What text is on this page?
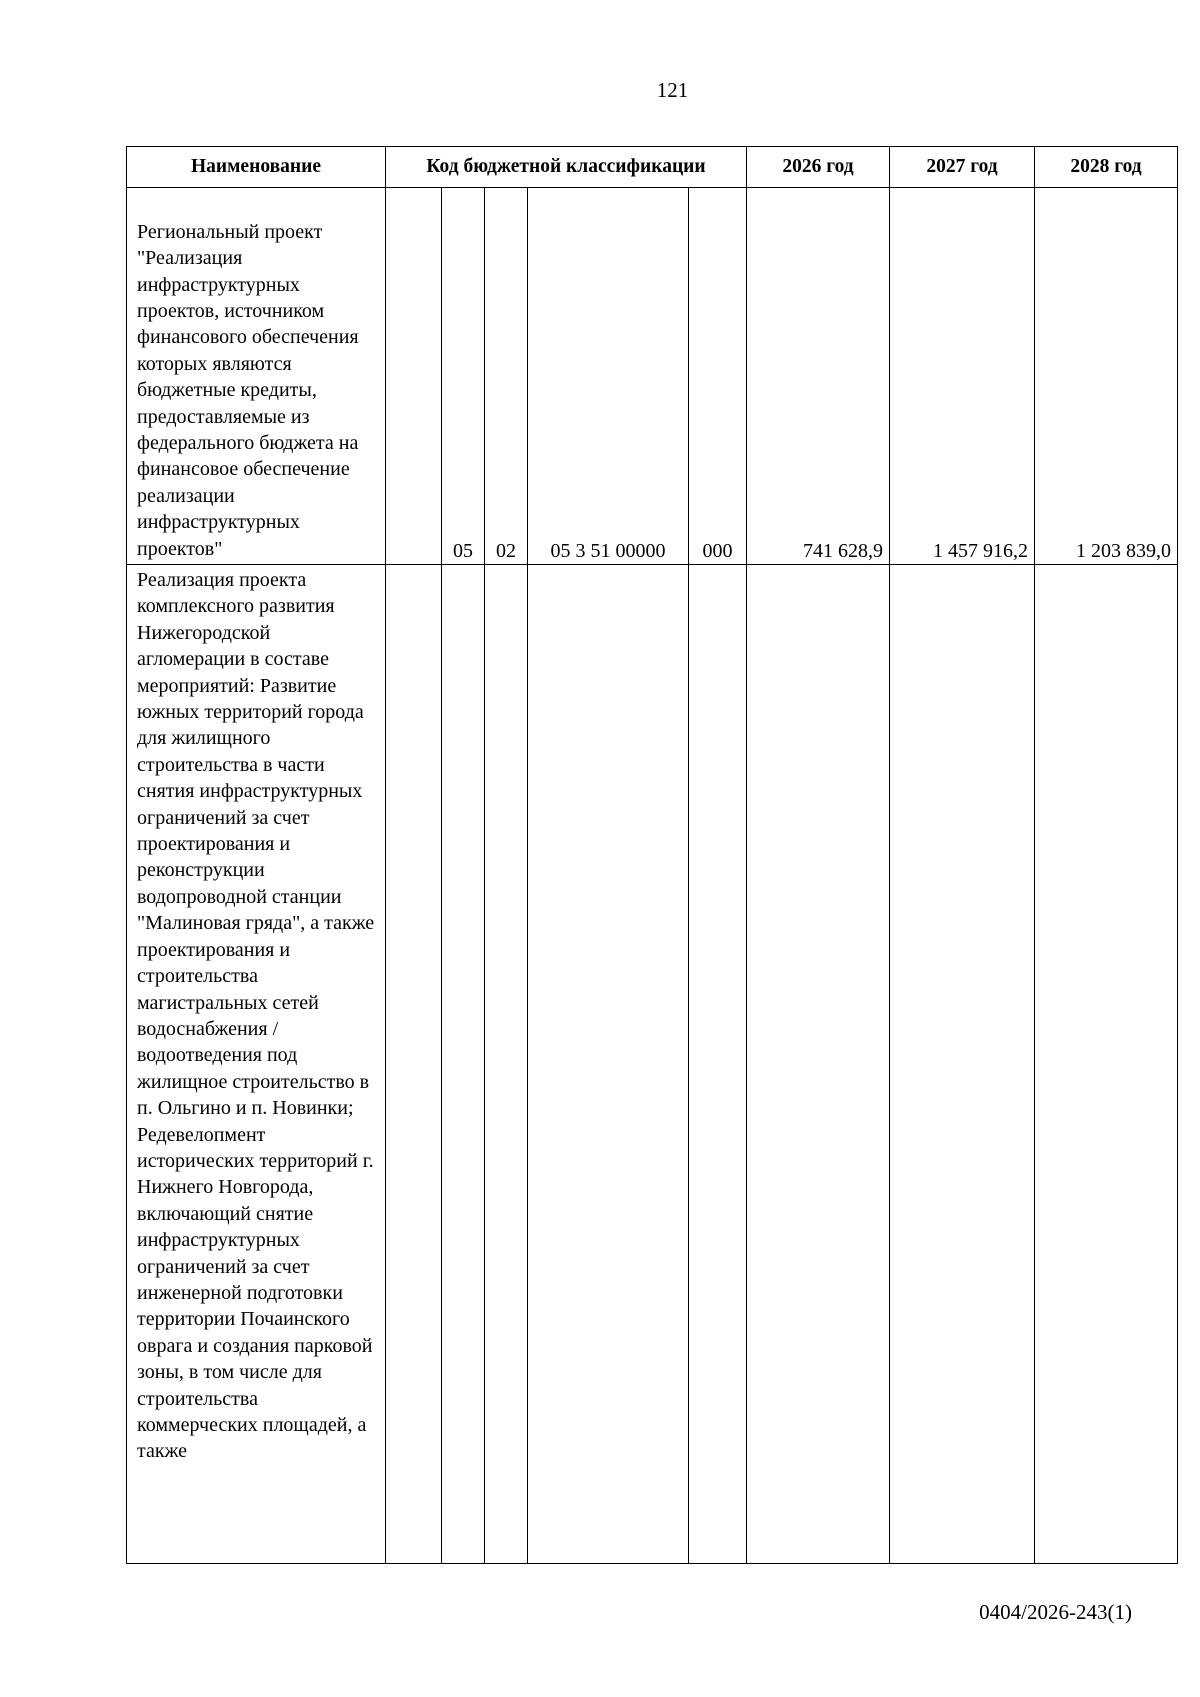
121
Наименование	Код бюджетной классификации					2026 год	2027 год	2028 год

Региональный проект "Реализация инфраструктурных проектов, источником финансового обеспечения которых являются бюджетные кредиты, предоставляемые из федерального бюджета на финансовое обеспечение реализации инфраструктурных проектов"		05	02	05 3 51 00000	000	741 628,9	1 457 916,2	1 203 839,0

Реализация проекта комплексного развития Нижегородской агломерации в составе мероприятий: Развитие южных территорий города для жилищного строительства в части снятия инфраструктурных ограничений за счет проектирования и реконструкции водопроводной станции "Малиновая гряда", а также проектирования и строительства магистральных сетей водоснабжения / водоотведения под жилищное строительство в п. Ольгино и п. Новинки; Редевелопмент исторических территорий г. Нижнего Новгорода, включающий снятие инфраструктурных ограничений за счет инженерной подготовки территории Почаинского оврага и создания парковой зоны, в том числе для строительства коммерческих площадей, а также								

0404/2026-243(1)
